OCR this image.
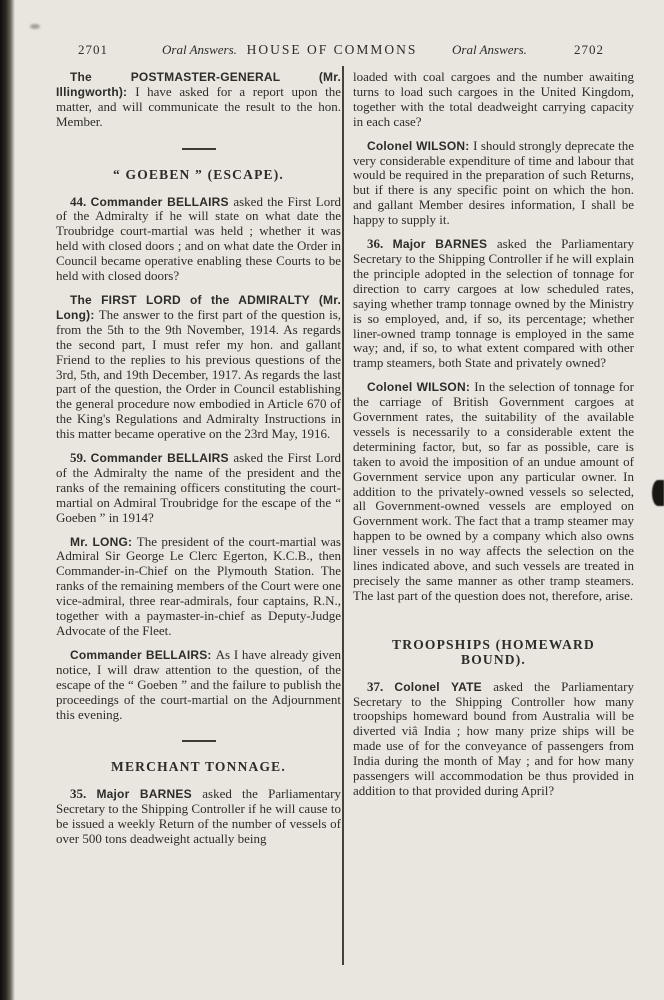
2701	Oral Answers. HOUSE OF COMMONS	Oral Answers.	2702

The POSTMASTER-GENERAL (Mr. Illingworth): I have asked for a report upon the matter, and will communicate the result to the hon. Member.

“ GOEBEN ” (ESCAPE).

44. Commander BELLAIRS asked the First Lord of the Admiralty if he will state on what date the Troubridge court-martial was held ; whether it was held with closed doors ; and on what date the Order in Council became operative enabling these Courts to be held with closed doors?

The FIRST LORD of the ADMIRALTY (Mr. Long): The answer to the first part of the question is, from the 5th to the 9th November, 1914. As regards the second part, I must refer my hon. and gallant Friend to the replies to his previous questions of the 3rd, 5th, and 19th December, 1917. As regards the last part of the question, the Order in Council establishing the general procedure now embodied in Article 670 of the King's Regulations and Admiralty Instructions in this matter became operative on the 23rd May, 1916.

59. Commander BELLAIRS asked the First Lord of the Admiralty the name of the president and the ranks of the remaining officers constituting the court-martial on Admiral Troubridge for the escape of the “ Goeben ” in 1914?

Mr. LONG: The president of the court-martial was Admiral Sir George Le Clerc Egerton, K.C.B., then Commander-in-Chief on the Plymouth Station. The ranks of the remaining members of the Court were one vice-admiral, three rear-admirals, four captains, R.N., together with a paymaster-in-chief as Deputy-Judge Advocate of the Fleet.

Commander BELLAIRS: As I have already given notice, I will draw attention to the question, of the escape of the “ Goeben ” and the failure to publish the proceedings of the court-martial on the Adjournment this evening.

MERCHANT TONNAGE.

35. Major BARNES asked the Parliamentary Secretary to the Shipping Controller if he will cause to be issued a weekly Return of the number of vessels of over 500 tons deadweight actually being

loaded with coal cargoes and the number awaiting turns to load such cargoes in the United Kingdom, together with the total deadweight carrying capacity in each case?

Colonel WILSON: I should strongly deprecate the very considerable expenditure of time and labour that would be required in the preparation of such Returns, but if there is any specific point on which the hon. and gallant Member desires information, I shall be happy to supply it.

36. Major BARNES asked the Parliamentary Secretary to the Shipping Controller if he will explain the principle adopted in the selection of tonnage for direction to carry cargoes at low scheduled rates, saying whether tramp tonnage owned by the Ministry is so employed, and, if so, its percentage; whether liner-owned tramp tonnage is employed in the same way; and, if so, to what extent compared with other tramp steamers, both State and privately owned?

Colonel WILSON: In the selection of tonnage for the carriage of British Government cargoes at Government rates, the suitability of the available vessels is necessarily to a considerable extent the determining factor, but, so far as possible, care is taken to avoid the imposition of an undue amount of Government service upon any particular owner. In addition to the privately-owned vessels so selected, all Government-owned vessels are employed on Government work. The fact that a tramp steamer may happen to be owned by a company which also owns liner vessels in no way affects the selection on the lines indicated above, and such vessels are treated in precisely the same manner as other tramp steamers. The last part of the question does not, therefore, arise.

TROOPSHIPS (HOMEWARD BOUND).

37. Colonel YATE asked the Parliamentary Secretary to the Shipping Controller how many troopships homeward bound from Australia will be diverted viâ India ; how many prize ships will be made use of for the conveyance of passengers from India during the month of May ; and for how many passengers will accommodation be thus provided in addition to that provided during April?
